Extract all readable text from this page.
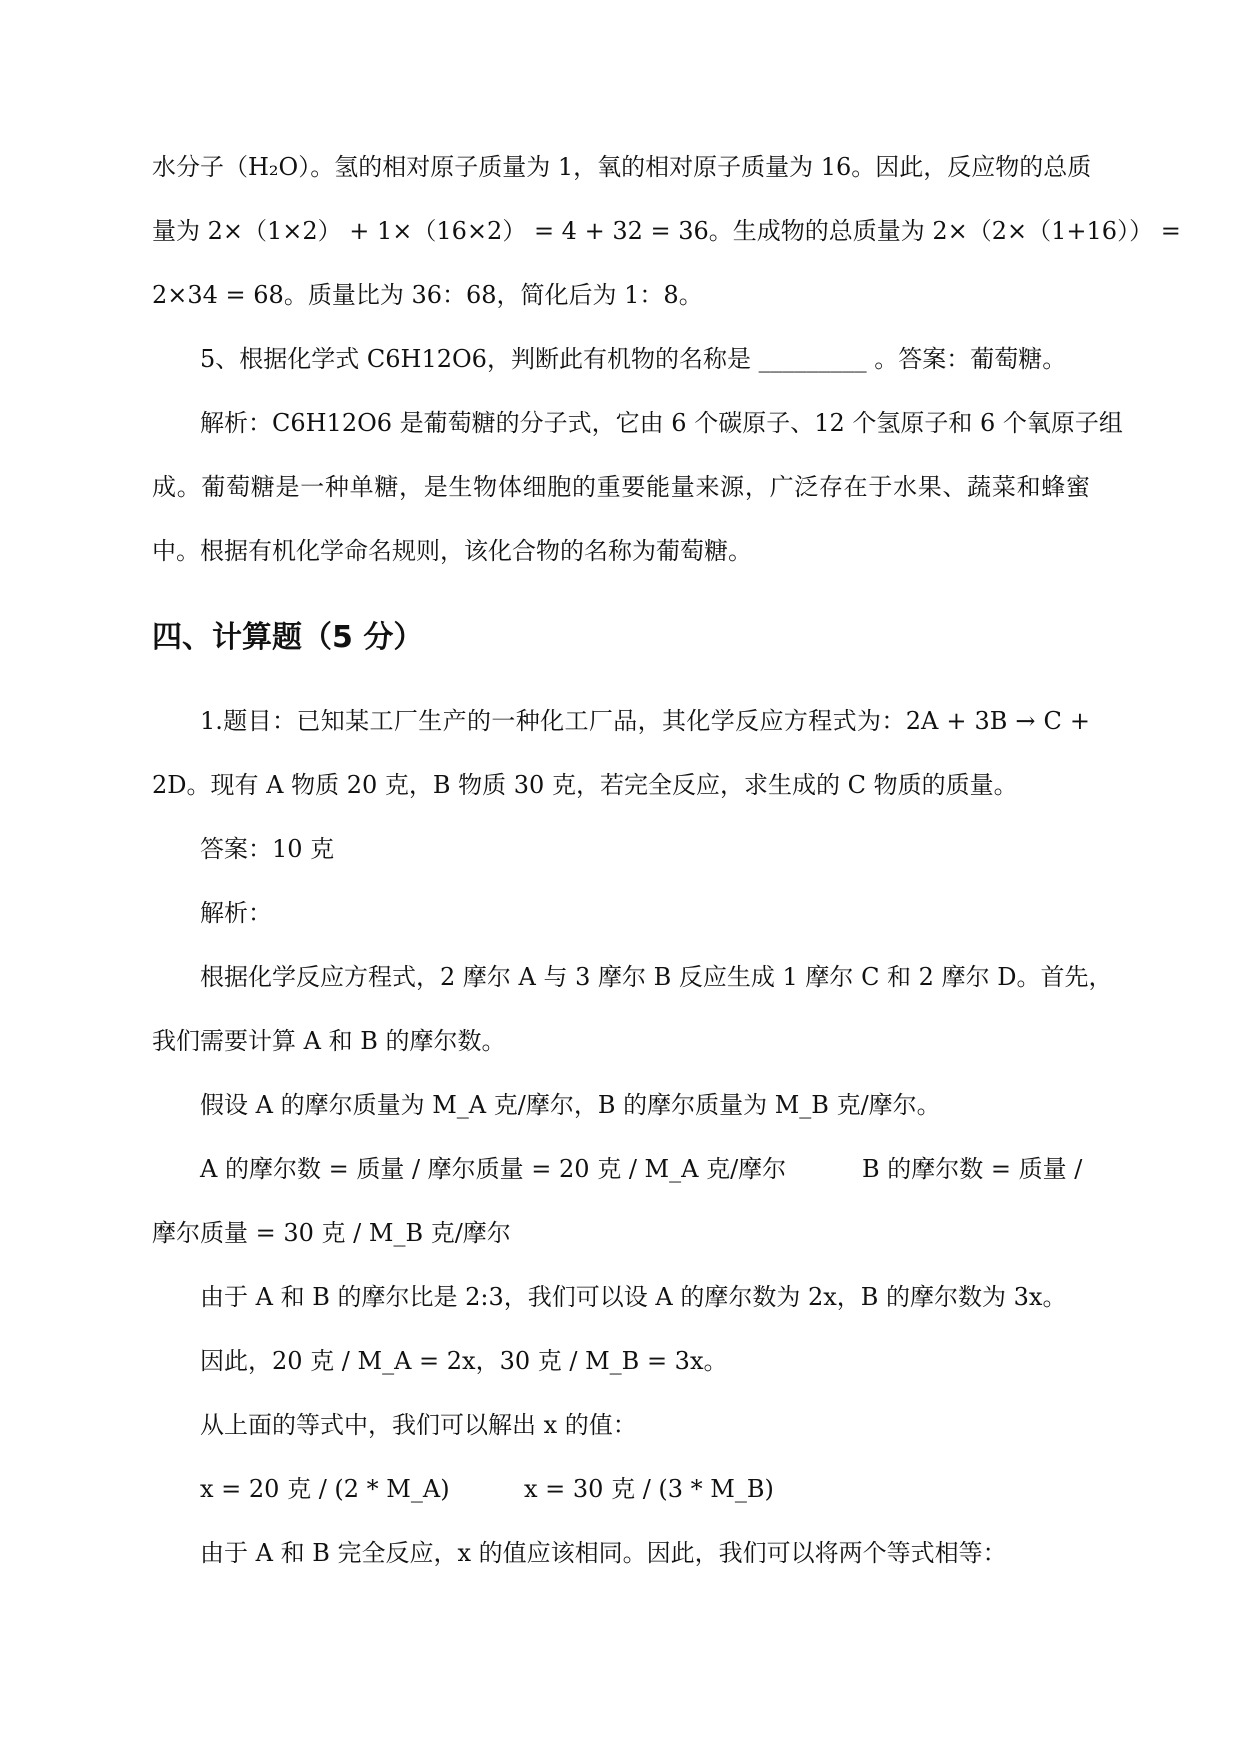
水分子（H₂O）。氢的相对原子质量为 1，氧的相对原子质量为 16。因此，反应物的总质
量为 2×（1×2） + 1×（16×2） = 4 + 32 = 36。生成物的总质量为 2×（2×（1+16）） =
2×34 = 68。质量比为 36：68，简化后为 1：8。
5、根据化学式 C6H12O6，判断此有机物的名称是 _________ 。答案：葡萄糖。
解析：C6H12O6 是葡萄糖的分子式，它由 6 个碳原子、12 个氢原子和 6 个氧原子组
成。葡萄糖是一种单糖，是生物体细胞的重要能量来源，广泛存在于水果、蔬菜和蜂蜜
中。根据有机化学命名规则，该化合物的名称为葡萄糖。
四、计算题（5 分）
1.题目：已知某工厂生产的一种化工厂品，其化学反应方程式为：2A + 3B → C +
2D。现有 A 物质 20 克，B 物质 30 克，若完全反应，求生成的 C 物质的质量。
答案：10 克
解析：
根据化学反应方程式，2 摩尔 A 与 3 摩尔 B 反应生成 1 摩尔 C 和 2 摩尔 D。首先，
我们需要计算 A 和 B 的摩尔数。
假设 A 的摩尔质量为 M_A 克/摩尔，B 的摩尔质量为 M_B 克/摩尔。
A 的摩尔数 = 质量 / 摩尔质量 = 20 克 / M_A 克/摩尔	B 的摩尔数 = 质量 /
摩尔质量 = 30 克 / M_B 克/摩尔
由于 A 和 B 的摩尔比是 2:3，我们可以设 A 的摩尔数为 2x，B 的摩尔数为 3x。
因此，20 克 / M_A = 2x，30 克 / M_B = 3x。
从上面的等式中，我们可以解出 x 的值：
x = 20 克 / (2 * M_A)	x = 30 克 / (3 * M_B)
由于 A 和 B 完全反应，x 的值应该相同。因此，我们可以将两个等式相等：
